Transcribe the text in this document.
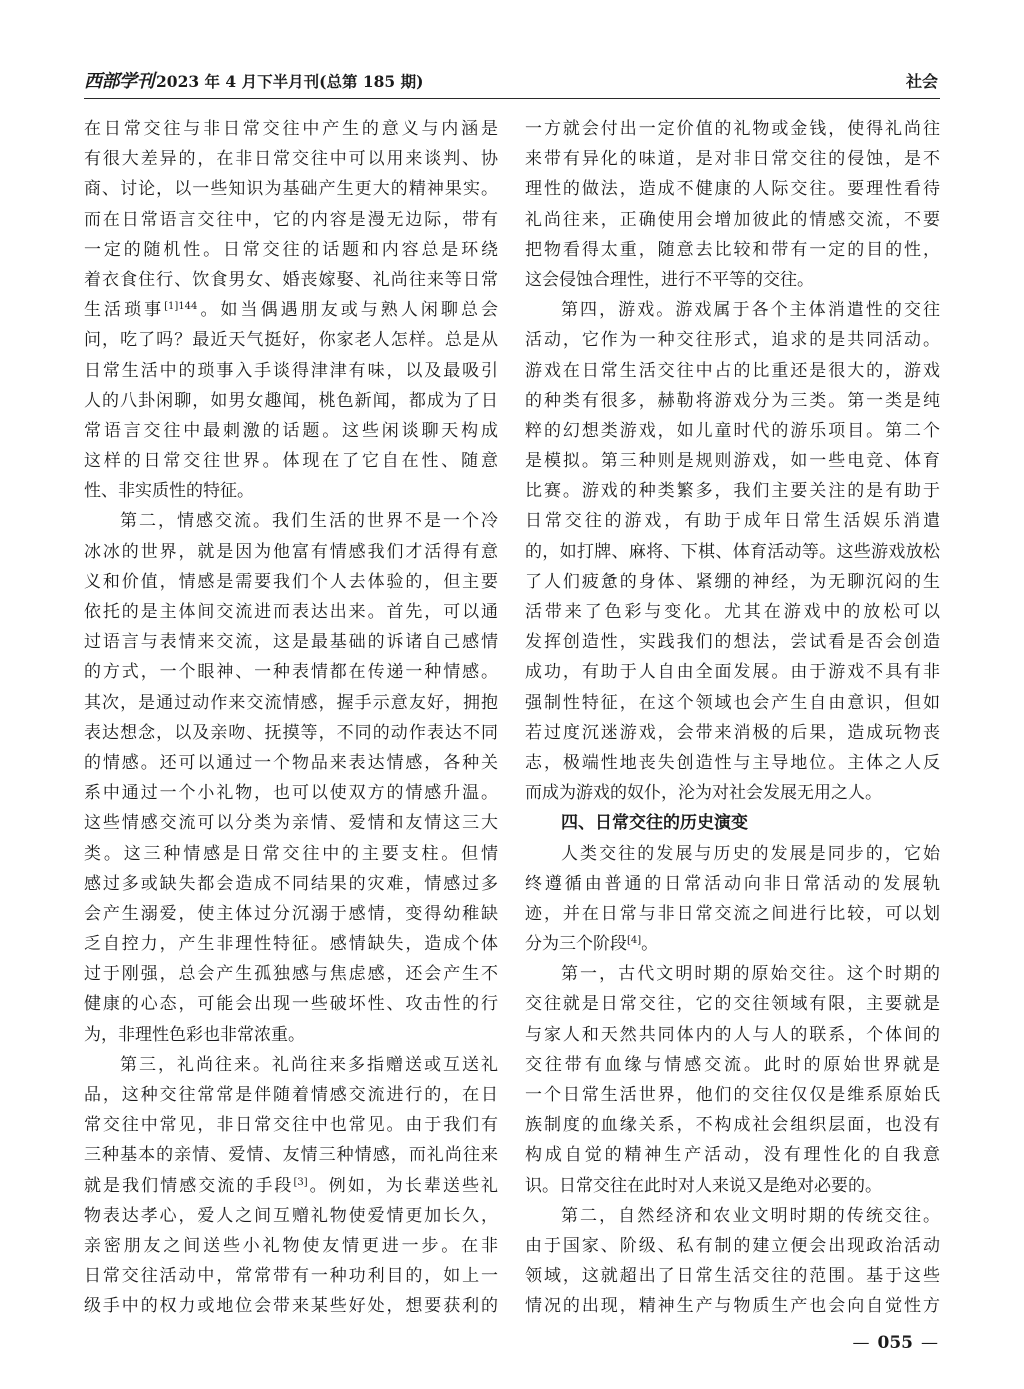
西部学刊 2023 年 4 月下半月刊(总第 185 期)	社会
在日常交往与非日常交往中产生的意义与内涵是
有很大差异的，在非日常交往中可以用来谈判、协
商、讨论，以一些知识为基础产生更大的精神果实。
而在日常语言交往中，它的内容是漫无边际，带有
一定的随机性。日常交往的话题和内容总是环绕
着衣食住行、饮食男女、婚丧嫁娶、礼尚往来等日常
生活琐事$^{[1]144}$。如当偶遇朋友或与熟人闲聊总会
问，吃了吗？最近天气挺好，你家老人怎样。总是从
日常生活中的琐事入手谈得津津有味，以及最吸引
人的八卦闲聊，如男女趣闻，桃色新闻，都成为了日
常语言交往中最刺激的话题。这些闲谈聊天构成
这样的日常交往世界。体现在了它自在性、随意
性、非实质性的特征。
第二，情感交流。我们生活的世界不是一个冷
冰冰的世界，就是因为他富有情感我们才活得有意
义和价值，情感是需要我们个人去体验的，但主要
依托的是主体间交流进而表达出来。首先，可以通
过语言与表情来交流，这是最基础的诉诸自己感情
的方式，一个眼神、一种表情都在传递一种情感。
其次，是通过动作来交流情感，握手示意友好，拥抱
表达想念，以及亲吻、抚摸等，不同的动作表达不同
的情感。还可以通过一个物品来表达情感，各种关
系中通过一个小礼物，也可以使双方的情感升温。
这些情感交流可以分类为亲情、爱情和友情这三大
类。这三种情感是日常交往中的主要支柱。但情
感过多或缺失都会造成不同结果的灾难，情感过多
会产生溺爱，使主体过分沉溺于感情，变得幼稚缺
乏自控力，产生非理性特征。感情缺失，造成个体
过于刚强，总会产生孤独感与焦虑感，还会产生不
健康的心态，可能会出现一些破坏性、攻击性的行
为，非理性色彩也非常浓重。
第三，礼尚往来。礼尚往来多指赠送或互送礼
品，这种交往常常是伴随着情感交流进行的，在日
常交往中常见，非日常交往中也常见。由于我们有
三种基本的亲情、爱情、友情三种情感，而礼尚往来
就是我们情感交流的手段[3]。例如，为长辈送些礼
物表达孝心，爱人之间互赠礼物使爱情更加长久，
亲密朋友之间送些小礼物使友情更进一步。在非
日常交往活动中，常常带有一种功利目的，如上一
级手中的权力或地位会带来某些好处，想要获利的
一方就会付出一定价值的礼物或金钱，使得礼尚往
来带有异化的味道，是对非日常交往的侵蚀，是不
理性的做法，造成不健康的人际交往。要理性看待
礼尚往来，正确使用会增加彼此的情感交流，不要
把物看得太重，随意去比较和带有一定的目的性，
这会侵蚀合理性，进行不平等的交往。
第四，游戏。游戏属于各个主体消遣性的交往
活动，它作为一种交往形式，追求的是共同活动。
游戏在日常生活交往中占的比重还是很大的，游戏
的种类有很多，赫勒将游戏分为三类。第一类是纯
粹的幻想类游戏，如儿童时代的游乐项目。第二个
是模拟。第三种则是规则游戏，如一些电竞、体育
比赛。游戏的种类繁多，我们主要关注的是有助于
日常交往的游戏，有助于成年日常生活娱乐消遣
的，如打牌、麻将、下棋、体育活动等。这些游戏放松
了人们疲惫的身体、紧绷的神经，为无聊沉闷的生
活带来了色彩与变化。尤其在游戏中的放松可以
发挥创造性，实践我们的想法，尝试看是否会创造
成功，有助于人自由全面发展。由于游戏不具有非
强制性特征，在这个领域也会产生自由意识，但如
若过度沉迷游戏，会带来消极的后果，造成玩物丧
志，极端性地丧失创造性与主导地位。主体之人反
而成为游戏的奴仆，沦为对社会发展无用之人。
四、日常交往的历史演变
人类交往的发展与历史的发展是同步的，它始
终遵循由普通的日常活动向非日常活动的发展轨
迹，并在日常与非日常交流之间进行比较，可以划
分为三个阶段[4]。
第一，古代文明时期的原始交往。这个时期的
交往就是日常交往，它的交往领域有限，主要就是
与家人和天然共同体内的人与人的联系，个体间的
交往带有血缘与情感交流。此时的原始世界就是
一个日常生活世界，他们的交往仅仅是维系原始氏
族制度的血缘关系，不构成社会组织层面，也没有
构成自觉的精神生产活动，没有理性化的自我意
识。日常交往在此时对人来说又是绝对必要的。
第二，自然经济和农业文明时期的传统交往。
由于国家、阶级、私有制的建立便会出现政治活动
领域，这就超出了日常生活交往的范围。基于这些
情况的出现，精神生产与物质生产也会向自觉性方
— 055 —
